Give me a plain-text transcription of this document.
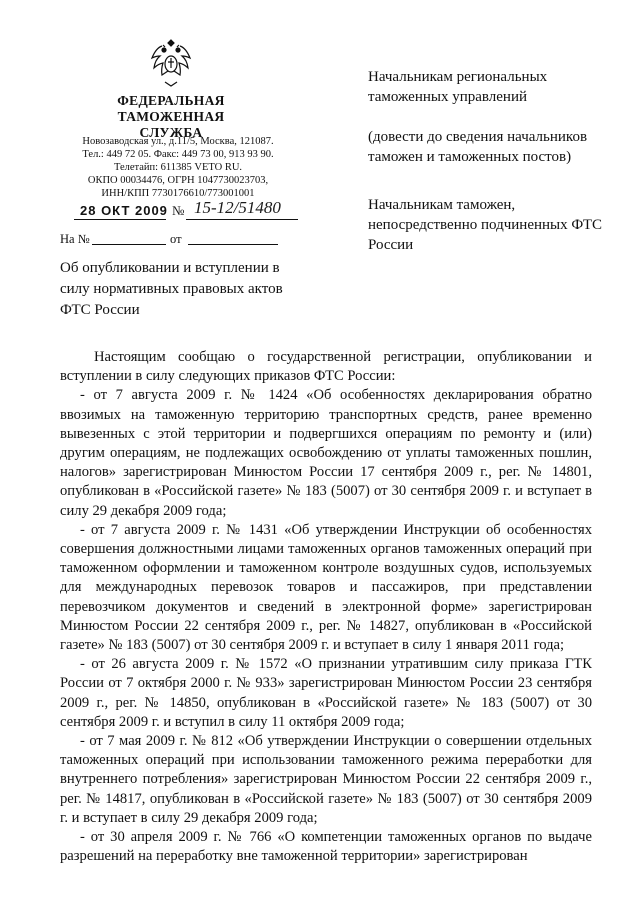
ФЕДЕРАЛЬНАЯ
ТАМОЖЕННАЯ СЛУЖБА
Новозаводская ул., д.11/5, Москва, 121087.
Тел.: 449 72 05. Факс: 449 73 00, 913 93 90.
Телетайп: 611385 VETO RU.
ОКПО 00034476, ОГРН 1047730023703,
ИНН/КПП 7730176610/773001001
28 ОКТ 2009 № 15-12/51480
На №	от
Об опубликовании и вступлении в силу нормативных правовых актов ФТС России
Начальникам региональных таможенных управлений
(довести до сведения начальников таможен и таможенных постов)
Начальникам таможен, непосредственно подчиненных ФТС России

Настоящим сообщаю о государственной регистрации, опубликовании и вступлении в силу следующих приказов ФТС России:

- от 7 августа 2009 г. № 1424 «Об особенностях декларирования обратно ввозимых на таможенную территорию транспортных средств, ранее временно вывезенных с этой территории и подвергшихся операциям по ремонту и (или) другим операциям, не подлежащих освобождению от уплаты таможенных пошлин, налогов» зарегистрирован Минюстом России 17 сентября 2009 г., рег. № 14801, опубликован в «Российской газете» № 183 (5007) от 30 сентября 2009 г. и вступает в силу 29 декабря 2009 года;

- от 7 августа 2009 г. № 1431 «Об утверждении Инструкции об особенностях совершения должностными лицами таможенных органов таможенных операций при таможенном оформлении и таможенном контроле воздушных судов, используемых для международных перевозок товаров и пассажиров, при представлении перевозчиком документов и сведений в электронной форме» зарегистрирован Минюстом России 22 сентября 2009 г., рег. № 14827, опубликован в «Российской газете» № 183 (5007) от 30 сентября 2009 г. и вступает в силу 1 января 2011 года;

- от 26 августа 2009 г. № 1572 «О признании утратившим силу приказа ГТК России от 7 октября 2000 г. № 933» зарегистрирован Минюстом России 23 сентября 2009 г., рег. № 14850, опубликован в «Российской газете» № 183 (5007) от 30 сентября 2009 г. и вступил в силу 11 октября 2009 года;

- от 7 мая 2009 г. № 812 «Об утверждении Инструкции о совершении отдельных таможенных операций при использовании таможенного режима переработки для внутреннего потребления» зарегистрирован Минюстом России 22 сентября 2009 г., рег. № 14817, опубликован в «Российской газете» № 183 (5007) от 30 сентября 2009 г. и вступает в силу 29 декабря 2009 года;

- от 30 апреля 2009 г. № 766 «О компетенции таможенных органов по выдаче разрешений на переработку вне таможенной территории» зарегистрирован
